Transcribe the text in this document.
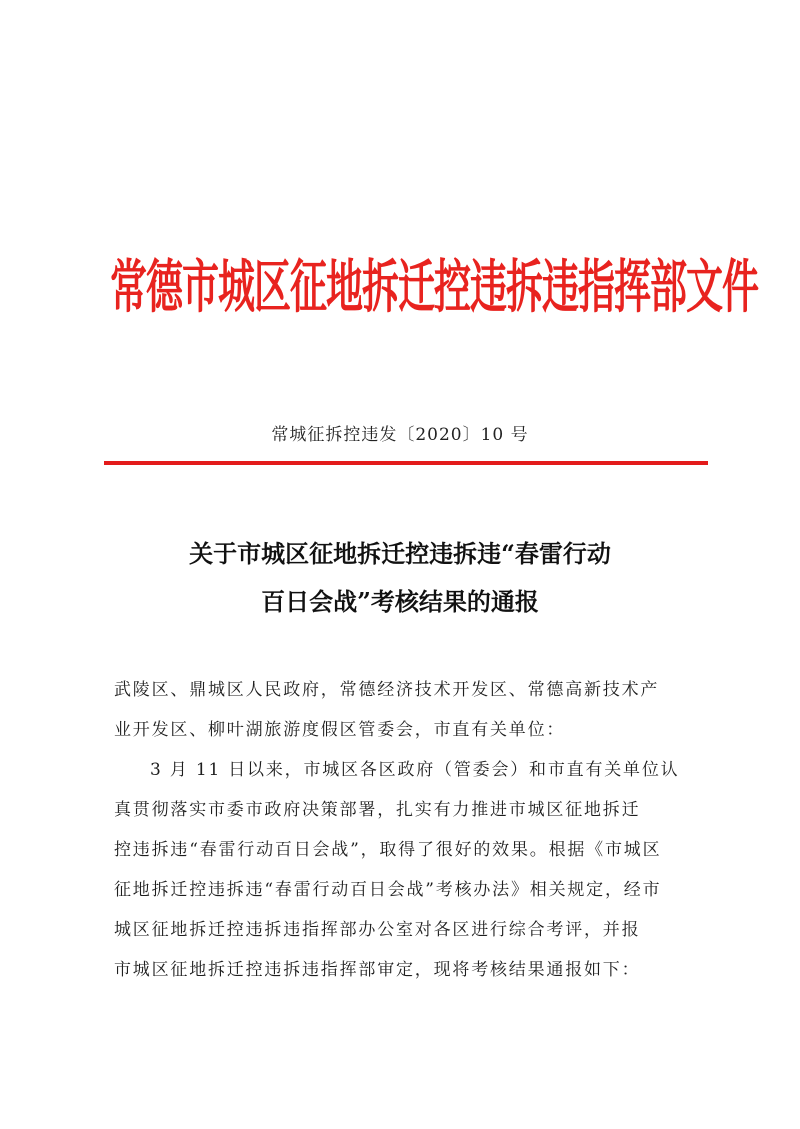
常德市城区征地拆迁控违拆违指挥部文件
常城征拆控违发〔2020〕10 号
关于市城区征地拆迁控违拆违“春雷行动
百日会战”考核结果的通报

武陵区、鼎城区人民政府，常德经济技术开发区、常德高新技术产
业开发区、柳叶湖旅游度假区管委会，市直有关单位：

3 月 11 日以来，市城区各区政府（管委会）和市直有关单位认
真贯彻落实市委市政府决策部署，扎实有力推进市城区征地拆迁
控违拆违“春雷行动百日会战”，取得了很好的效果。根据《市城区
征地拆迁控违拆违“春雷行动百日会战”考核办法》相关规定，经市
城区征地拆迁控违拆违指挥部办公室对各区进行综合考评，并报
市城区征地拆迁控违拆违指挥部审定，现将考核结果通报如下：
